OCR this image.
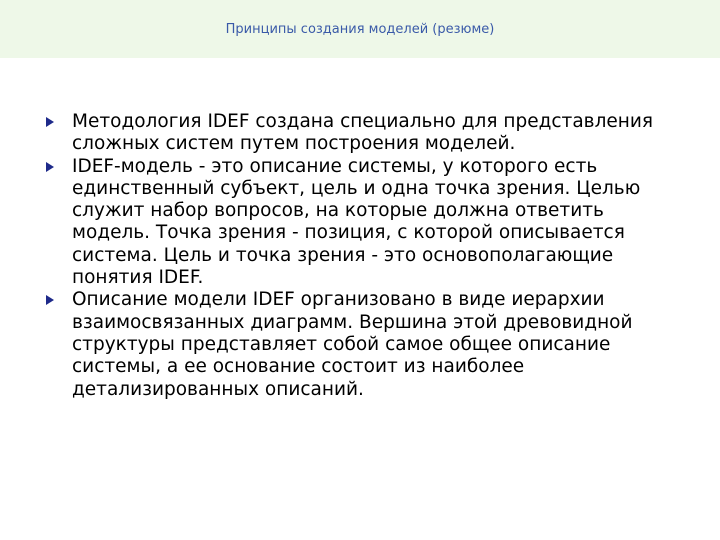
Принципы создания моделей (резюме)
Методология IDEF создана специально для представления сложных систем путем построения моделей.
IDEF-модель - это описание системы, у которого есть единственный субъект, цель и одна точка зрения. Целью служит набор вопросов, на которые должна ответить модель. Точка зрения - позиция, с которой описывается система. Цель и точка зрения - это основополагающие понятия IDEF.
Описание модели IDEF организовано в виде иерархии взаимосвязанных диаграмм. Вершина этой древовидной структуры представляет собой самое общее описание системы, а ее основание состоит из наиболее детализированных описаний.
